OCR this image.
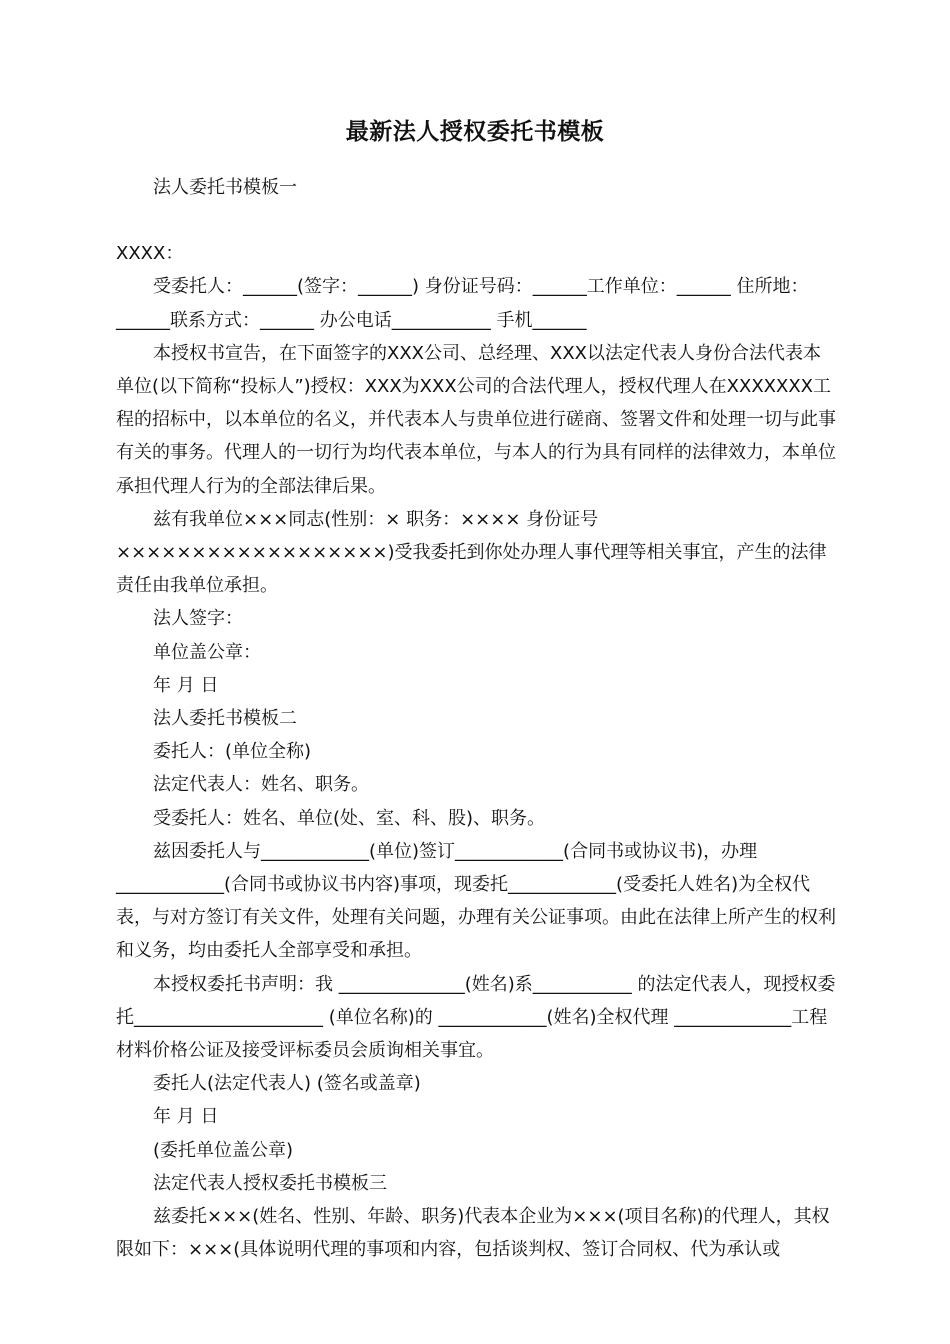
最新法人授权委托书模板

法人委托书模板一

XXXX：

受委托人：______(签字：______) 身份证号码：______工作单位：______ 住所地：______联系方式：______ 办公电话___________ 手机______

本授权书宣告，在下面签字的XXX公司、总经理、XXX以法定代表人身份合法代表本单位(以下简称“投标人”)授权：XXX为XXX公司的合法代理人，授权代理人在XXXXXXX工程的招标中，以本单位的名义，并代表本人与贵单位进行磋商、签署文件和处理一切与此事有关的事务。代理人的一切行为均代表本单位，与本人的行为具有同样的法律效力，本单位承担代理人行为的全部法律后果。

兹有我单位×××同志(性别：× 职务：×××× 身份证号××××××××××××××××××)受我委托到你处办理人事代理等相关事宜，产生的法律责任由我单位承担。

法人签字：

单位盖公章：

年 月 日

法人委托书模板二

委托人：(单位全称)

法定代表人：姓名、职务。

受委托人：姓名、单位(处、室、科、股)、职务。

兹因委托人与____________(单位)签订____________(合同书或协议书)，办理____________(合同书或协议书内容)事项，现委托____________(受委托人姓名)为全权代表，与对方签订有关文件，处理有关问题，办理有关公证事项。由此在法律上所产生的权利和义务，均由委托人全部享受和承担。

本授权委托书声明：我 ______________(姓名)系___________ 的法定代表人，现授权委托_____________________ (单位名称)的 ____________(姓名)全权代理 _____________工程材料价格公证及接受评标委员会质询相关事宜。

委托人(法定代表人) (签名或盖章)

年 月 日

(委托单位盖公章)

法定代表人授权委托书模板三

兹委托×××(姓名、性别、年龄、职务)代表本企业为×××(项目名称)的代理人，其权限如下：×××(具体说明代理的事项和内容，包括谈判权、签订合同权、代为承认或
